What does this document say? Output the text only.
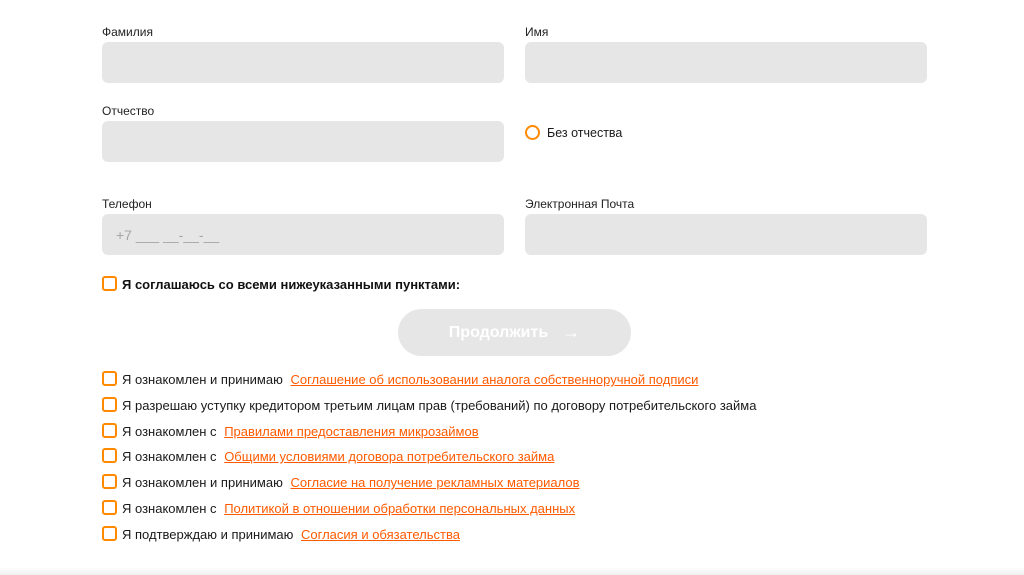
Фамилия	Имя
Отчество
Без отчества
Телефон
+7 ___ __-__-__	Электронная Почта
Я соглашаюсь со всеми нижеуказанными пунктами:
Продолжить →
Я ознакомлен и принимаю Соглашение об использовании аналога собственноручной подписи
Я разрешаю уступку кредитором третьим лицам прав (требований) по договору потребительского займа
Я ознакомлен с Правилами предоставления микрозаймов
Я ознакомлен с Общими условиями договора потребительского займа
Я ознакомлен и принимаю Согласие на получение рекламных материалов
Я ознакомлен с Политикой в отношении обработки персональных данных
Я подтверждаю и принимаю Согласия и обязательства
